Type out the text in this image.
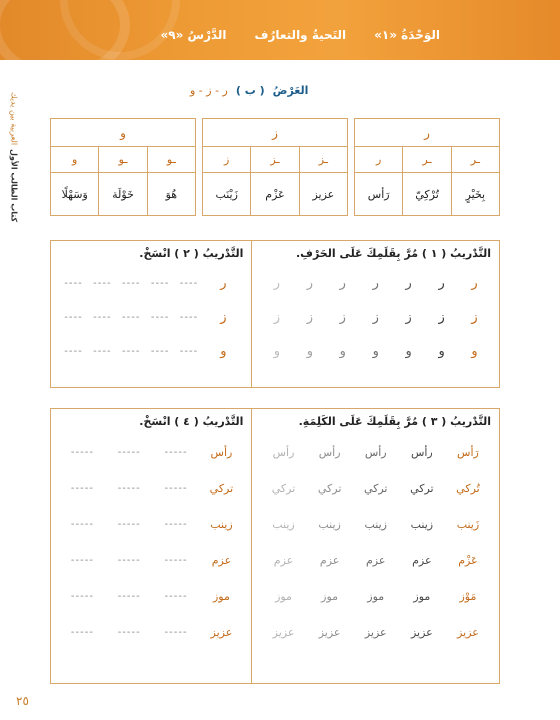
الوَحْدَةُ «١»
التَحيةُ والتعارُف
الدَّرْسُ «٩»
العربية بين يديك
كتاب الطالب الأول
العَرْضُ
( ب )
ر - ز - و
ر
ـر
ـر
ر
بِخَيْرٍ
تُرْكِيّ
رَأس
ز
ـز
ـز
ز
عزيز
عَزْم
زَيْنَب
و
ـو
ـو
و
هُوَ
خَوْلَة
وَسَهْلًا
التَّدْريبُ ( ١ ) مُرَّ بِقَلَمِكَ عَلَى الحَرْفِ.
ر
ر
ر
ر
ر
ر
ر
ز
ز
ز
ز
ز
ز
ز
و
و
و
و
و
و
و
التَّدْريبُ ( ٢ ) انْسَخْ.
ر
----
----
----
----
----
ز
----
----
----
----
----
و
----
----
----
----
----
التَّدْريبُ ( ٣ ) مُرَّ بِقَلَمِكَ عَلَى الكَلِمَةِ.
رَأس
رأس
رأس
رأس
رأس
تُركي
تركي
تركي
تركي
تركي
زَينب
زينب
زينب
زينب
زينب
عَزْم
عزم
عزم
عزم
عزم
مَوْز
موز
موز
موز
موز
عزيز
عزيز
عزيز
عزيز
عزيز
التَّدْريبُ ( ٤ ) انْسَخْ.
رأس
-----
-----
-----
تركي
-----
-----
-----
زينب
-----
-----
-----
عزم
-----
-----
-----
موز
-----
-----
-----
عزيز
-----
-----
-----
٢٥
